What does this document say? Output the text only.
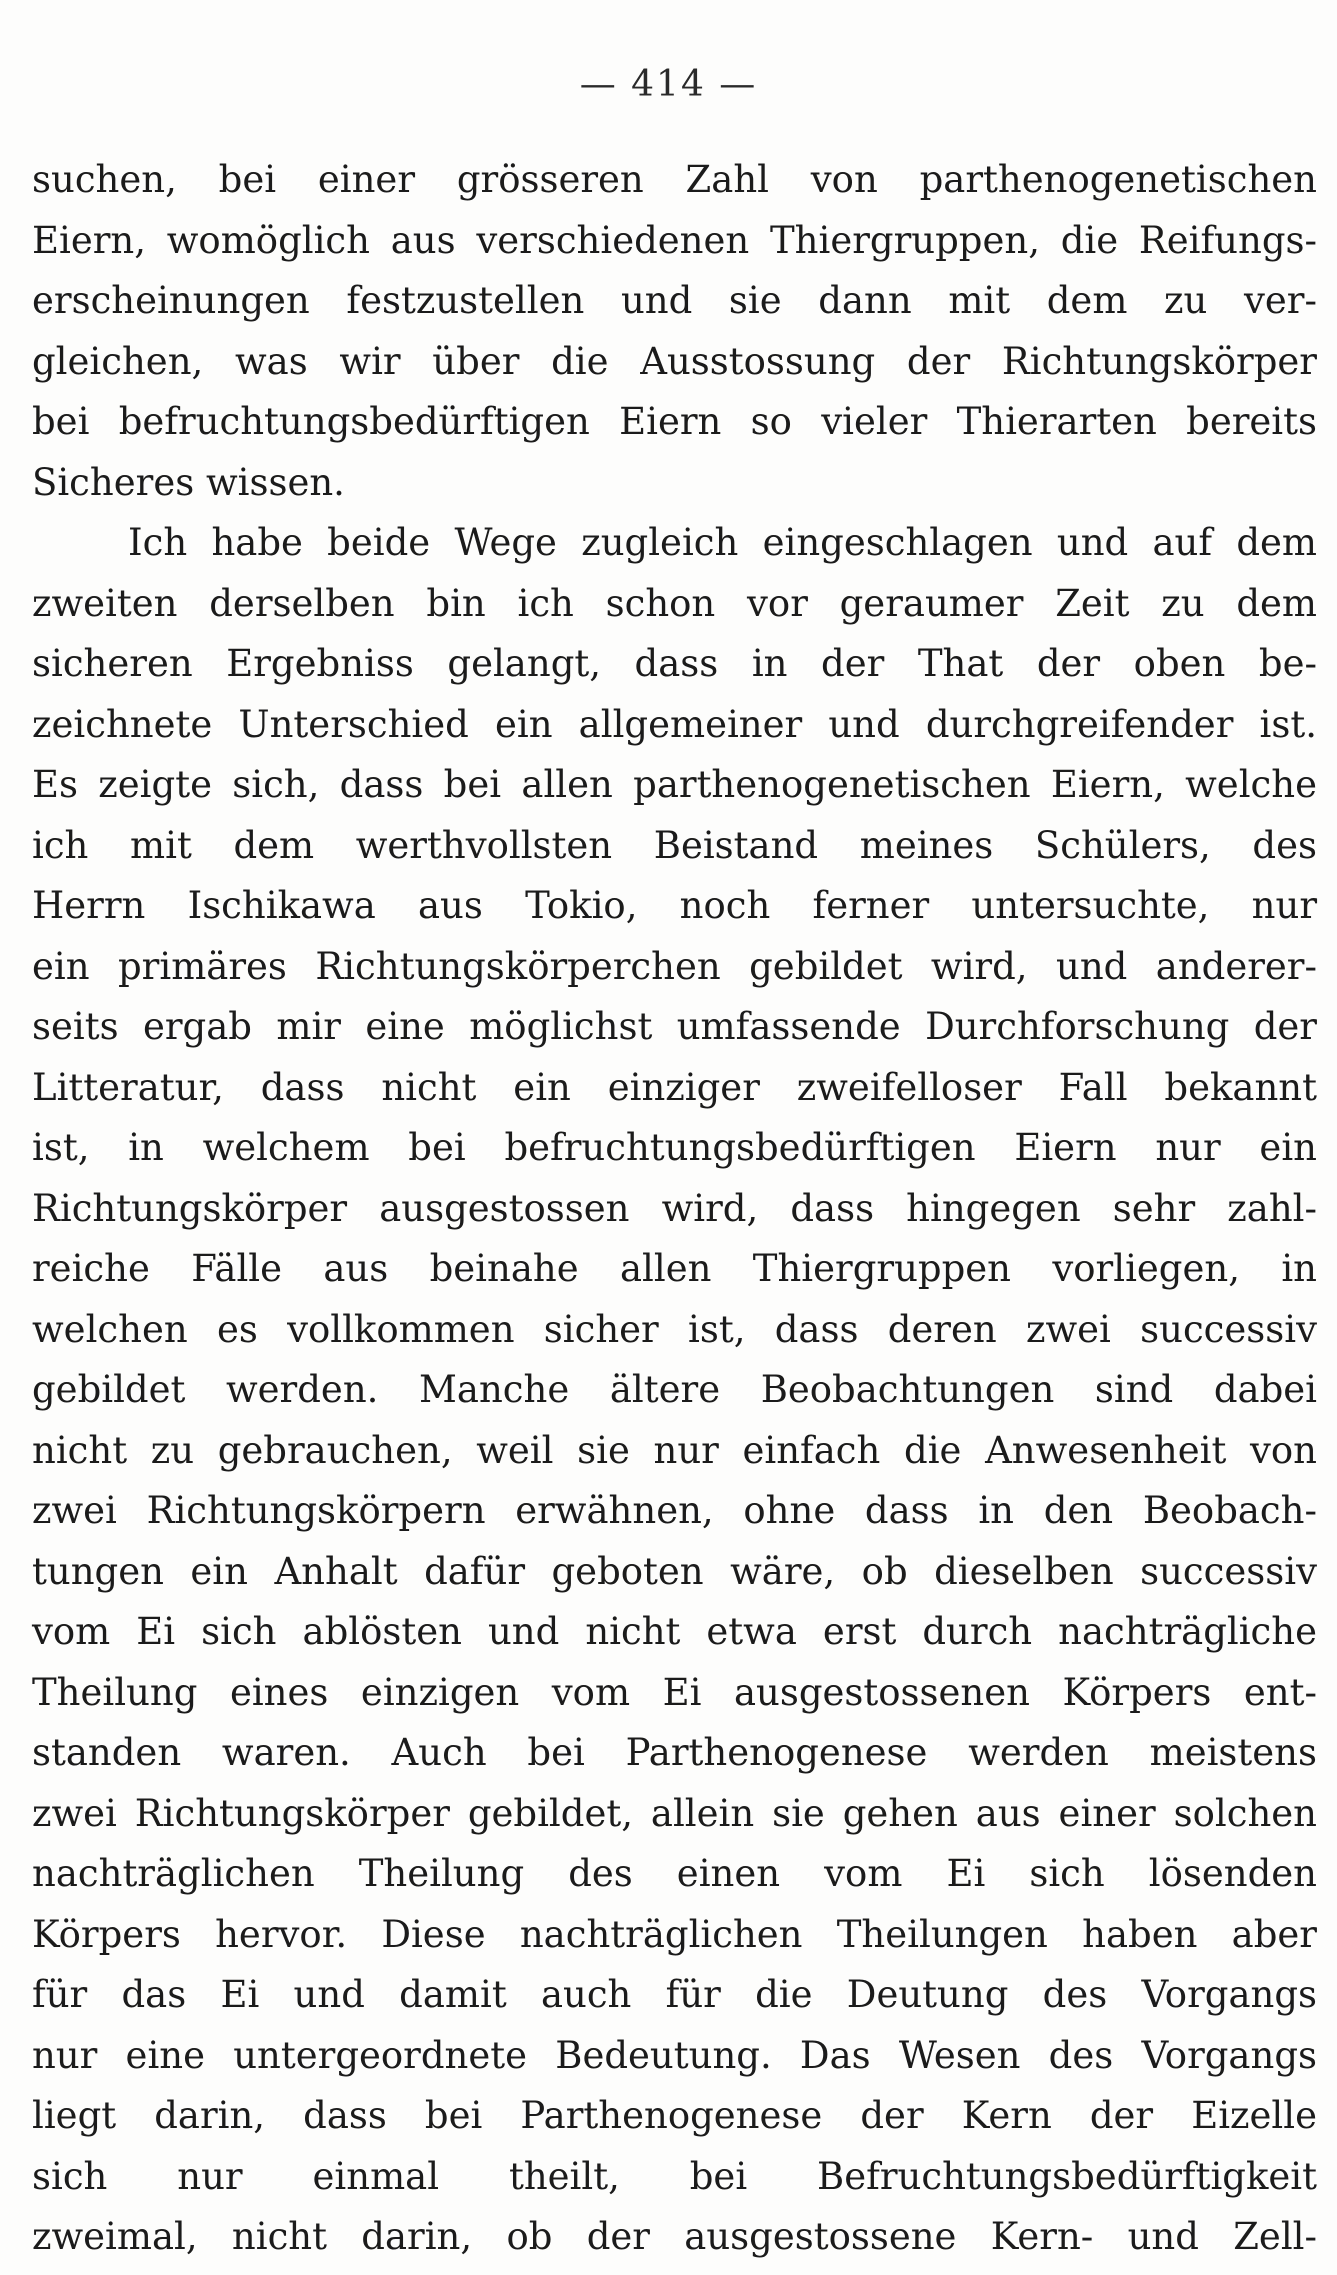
— 414 —
suchen, bei einer grösseren Zahl von parthenogenetischen
Eiern, womöglich aus verschiedenen Thiergruppen, die Reifungs-
erscheinungen festzustellen und sie dann mit dem zu ver-
gleichen, was wir über die Ausstossung der Richtungskörper
bei befruchtungsbedürftigen Eiern so vieler Thierarten bereits
Sicheres wissen.
Ich habe beide Wege zugleich eingeschlagen und auf dem
zweiten derselben bin ich schon vor geraumer Zeit zu dem
sicheren Ergebniss gelangt, dass in der That der oben be-
zeichnete Unterschied ein allgemeiner und durchgreifender ist.
Es zeigte sich, dass bei allen parthenogenetischen Eiern, welche
ich mit dem werthvollsten Beistand meines Schülers, des
Herrn Ischikawa aus Tokio, noch ferner untersuchte, nur
ein primäres Richtungskörperchen gebildet wird, und anderer-
seits ergab mir eine möglichst umfassende Durchforschung der
Litteratur, dass nicht ein einziger zweifelloser Fall bekannt
ist, in welchem bei befruchtungsbedürftigen Eiern nur ein
Richtungskörper ausgestossen wird, dass hingegen sehr zahl-
reiche Fälle aus beinahe allen Thiergruppen vorliegen, in
welchen es vollkommen sicher ist, dass deren zwei successiv
gebildet werden. Manche ältere Beobachtungen sind dabei
nicht zu gebrauchen, weil sie nur einfach die Anwesenheit von
zwei Richtungskörpern erwähnen, ohne dass in den Beobach-
tungen ein Anhalt dafür geboten wäre, ob dieselben successiv
vom Ei sich ablösten und nicht etwa erst durch nachträgliche
Theilung eines einzigen vom Ei ausgestossenen Körpers ent-
standen waren. Auch bei Parthenogenese werden meistens
zwei Richtungskörper gebildet, allein sie gehen aus einer solchen
nachträglichen Theilung des einen vom Ei sich lösenden
Körpers hervor. Diese nachträglichen Theilungen haben aber
für das Ei und damit auch für die Deutung des Vorgangs
nur eine untergeordnete Bedeutung. Das Wesen des Vorgangs
liegt darin, dass bei Parthenogenese der Kern der Eizelle
sich nur einmal theilt, bei Befruchtungsbedürftigkeit
zweimal, nicht darin, ob der ausgestossene Kern- und Zell-
